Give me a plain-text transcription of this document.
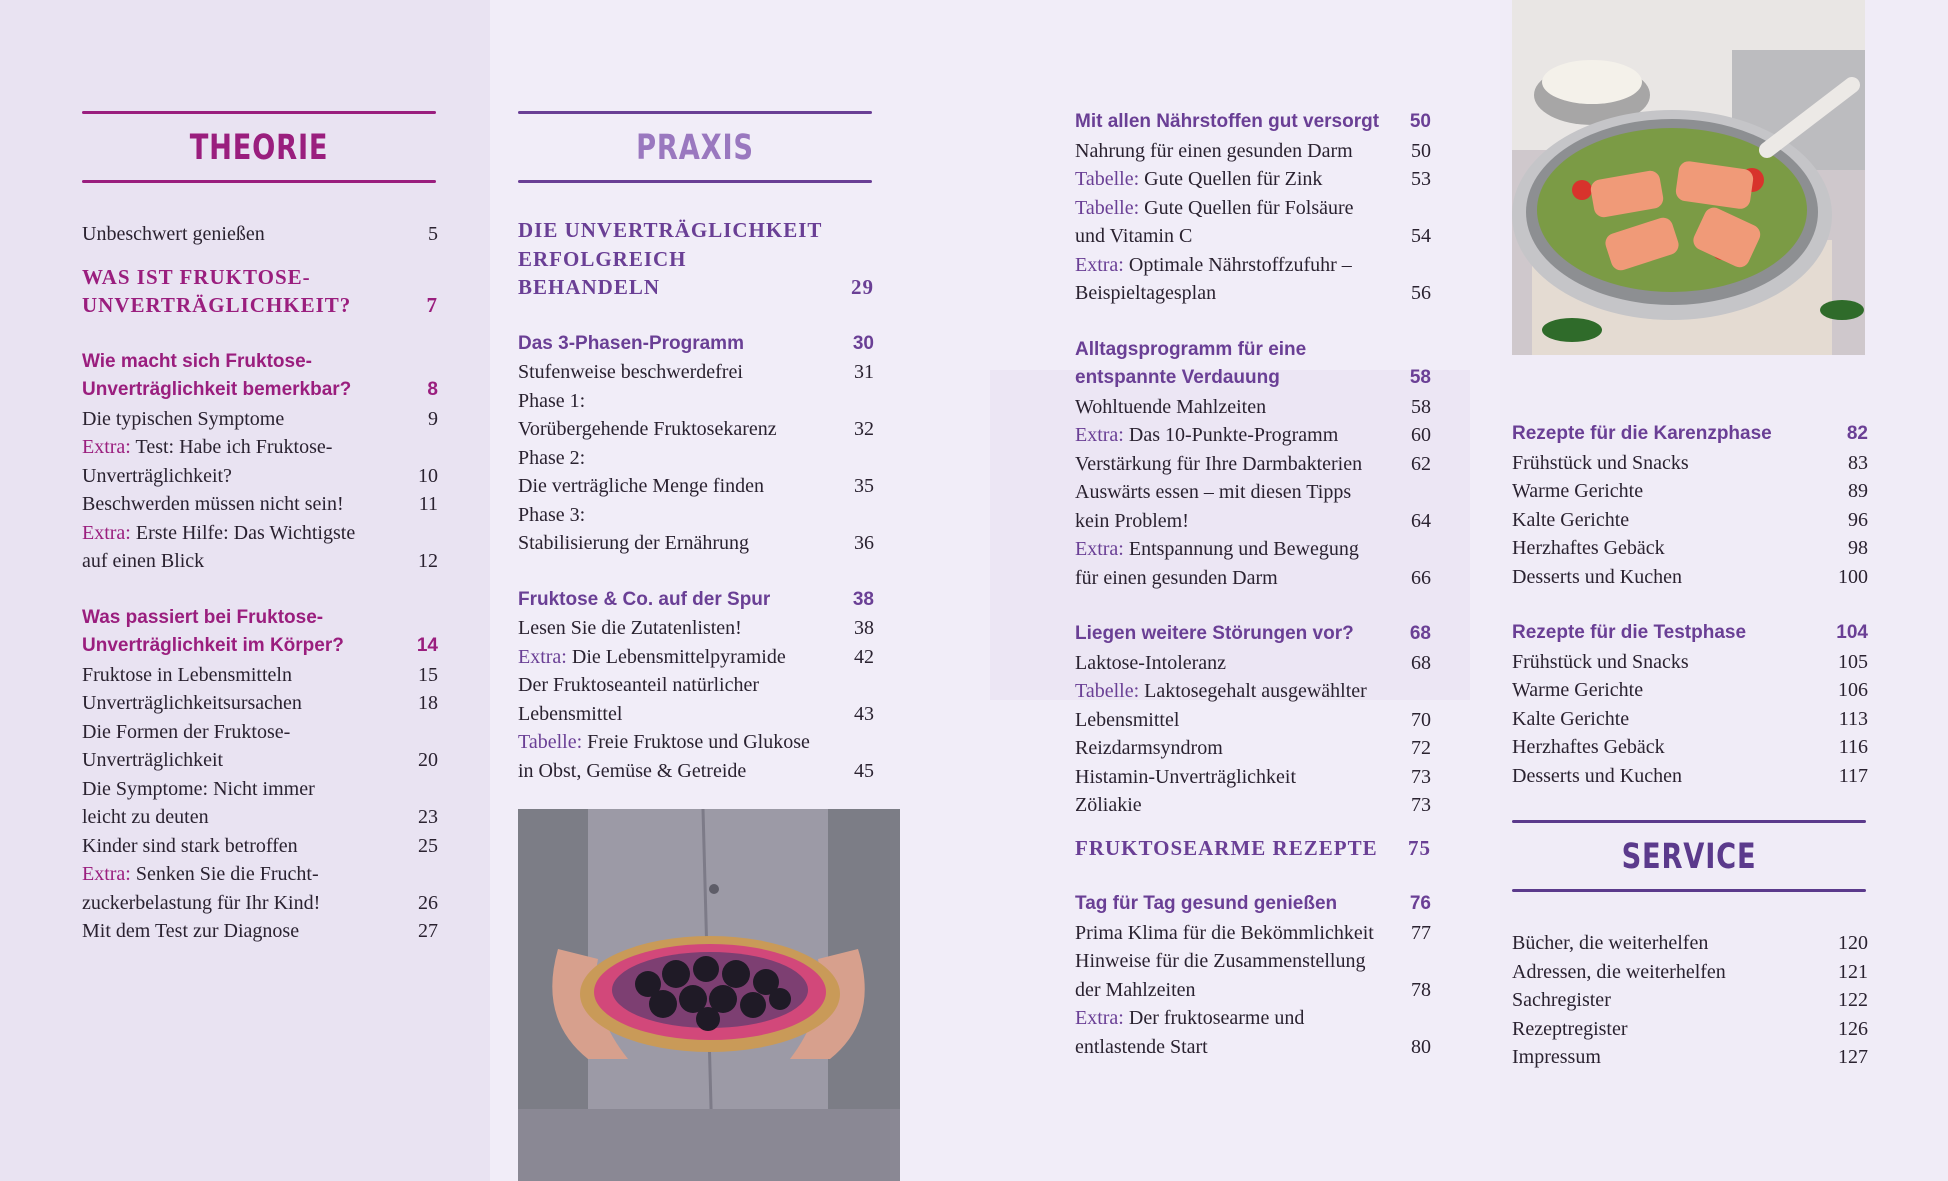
THEORIE
Unbeschwert genießen	5
WAS IST FRUKTOSE-
UNVERTRÄGLICHKEIT?	7
Wie macht sich Fruktose-
Unverträglichkeit bemerkbar?	8
Die typischen Symptome	9
Extra: Test: Habe ich Fruktose-
Unverträglichkeit?	10
Beschwerden müssen nicht sein!	11
Extra: Erste Hilfe: Das Wichtigste
auf einen Blick	12
Was passiert bei Fruktose-
Unverträglichkeit im Körper?	14
Fruktose in Lebensmitteln	15
Unverträglichkeitsursachen	18
Die Formen der Fruktose-
Unverträglichkeit	20
Die Symptome: Nicht immer
leicht zu deuten	23
Kinder sind stark betroffen	25
Extra: Senken Sie die Frucht-
zuckerbelastung für Ihr Kind!	26
Mit dem Test zur Diagnose	27
PRAXIS
DIE UNVERTRÄGLICHKEIT
ERFOLGREICH BEHANDELN	29
Das 3-Phasen-Programm	30
Stufenweise beschwerdefrei	31
Phase 1:
Vorübergehende Fruktosekarenz	32
Phase 2:
Die verträgliche Menge finden	35
Phase 3:
Stabilisierung der Ernährung	36
Fruktose & Co. auf der Spur	38
Lesen Sie die Zutatenlisten!	38
Extra: Die Lebensmittelpyramide	42
Der Fruktoseanteil natürlicher
Lebensmittel	43
Tabelle: Freie Fruktose und Glukose
in Obst, Gemüse & Getreide	45
Mit allen Nährstoffen gut versorgt	50
Nahrung für einen gesunden Darm	50
Tabelle: Gute Quellen für Zink	53
Tabelle: Gute Quellen für Folsäure
und Vitamin C	54
Extra: Optimale Nährstoffzufuhr –
Beispieltagesplan	56
Alltagsprogramm für eine
entspannte Verdauung	58
Wohltuende Mahlzeiten	58
Extra: Das 10-Punkte-Programm	60
Verstärkung für Ihre Darmbakterien	62
Auswärts essen – mit diesen Tipps
kein Problem!	64
Extra: Entspannung und Bewegung
für einen gesunden Darm	66
Liegen weitere Störungen vor?	68
Laktose-Intoleranz	68
Tabelle: Laktosegehalt ausgewählter
Lebensmittel	70
Reizdarmsyndrom	72
Histamin-Unverträglichkeit	73
Zöliakie	73
FRUKTOSEARME REZEPTE	75
Tag für Tag gesund genießen	76
Prima Klima für die Bekömmlichkeit	77
Hinweise für die Zusammenstellung
der Mahlzeiten	78
Extra: Der fruktosearme und
entlastende Start	80
Rezepte für die Karenzphase	82
Frühstück und Snacks	83
Warme Gerichte	89
Kalte Gerichte	96
Herzhaftes Gebäck	98
Desserts und Kuchen	100
Rezepte für die Testphase	104
Frühstück und Snacks	105
Warme Gerichte	106
Kalte Gerichte	113
Herzhaftes Gebäck	116
Desserts und Kuchen	117
SERVICE
Bücher, die weiterhelfen	120
Adressen, die weiterhelfen	121
Sachregister	122
Rezeptregister	126
Impressum	127
